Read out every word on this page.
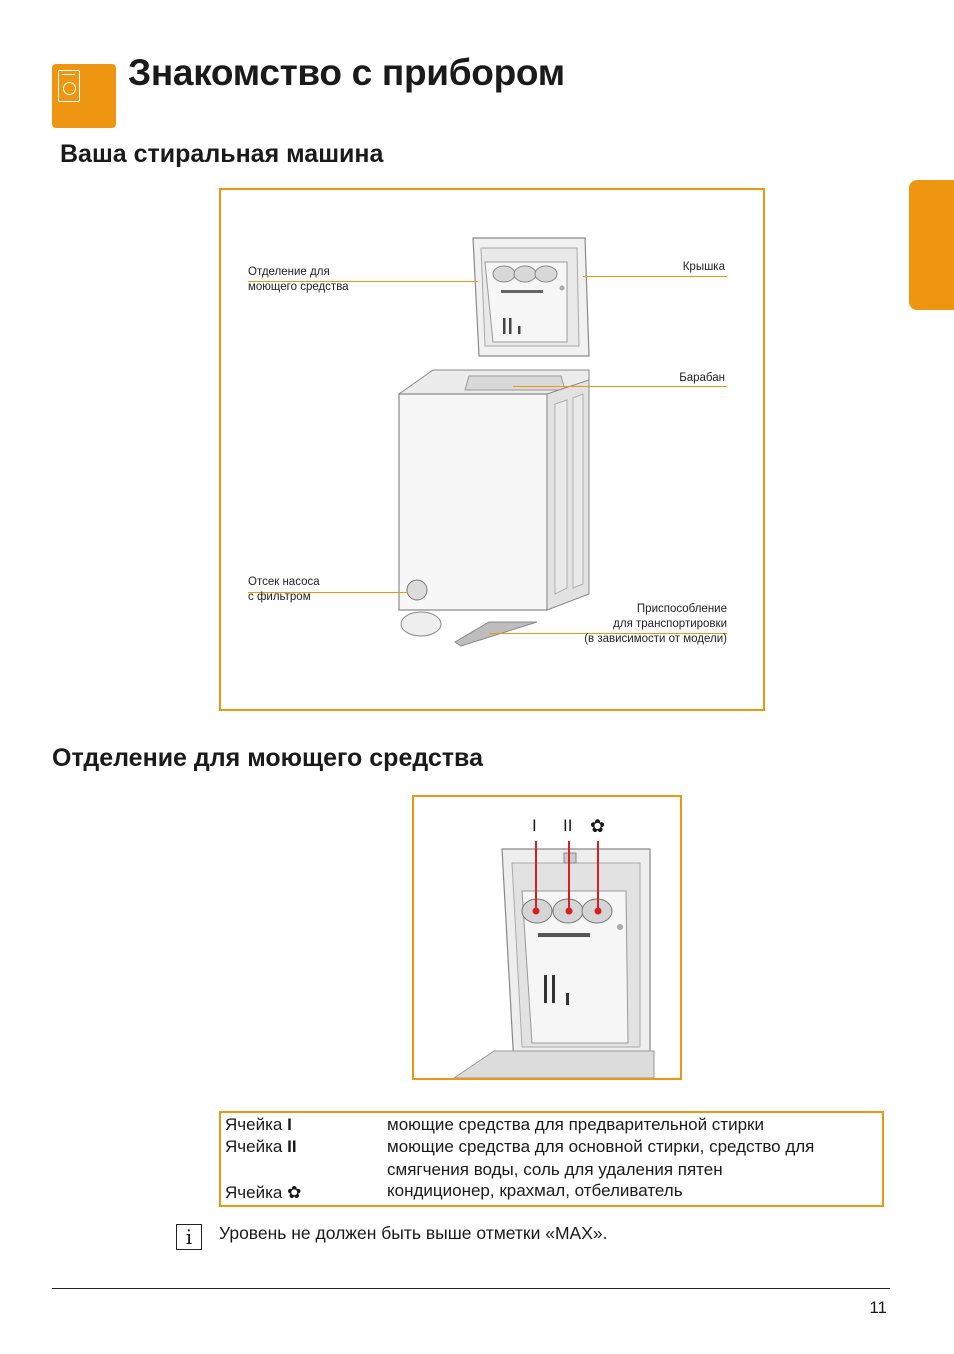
Знакомство с прибором
Ваша стиральная машина
Отделение для
моющего средства
Крышка
Барабан
Отсек насоса
с фильтром
Приспособление
для транспортировки
(в зависимости от модели)
Отделение для моющего средства
I II ✿
Ячейка I	моющие средства для предварительной стирки
Ячейка II	моющие средства для основной стирки, средство для
смягчения воды, соль для удаления пятен
Ячейка ✿	кондиционер, крахмал, отбеливатель
i	Уровень не должен быть выше отметки «MAX».
11
